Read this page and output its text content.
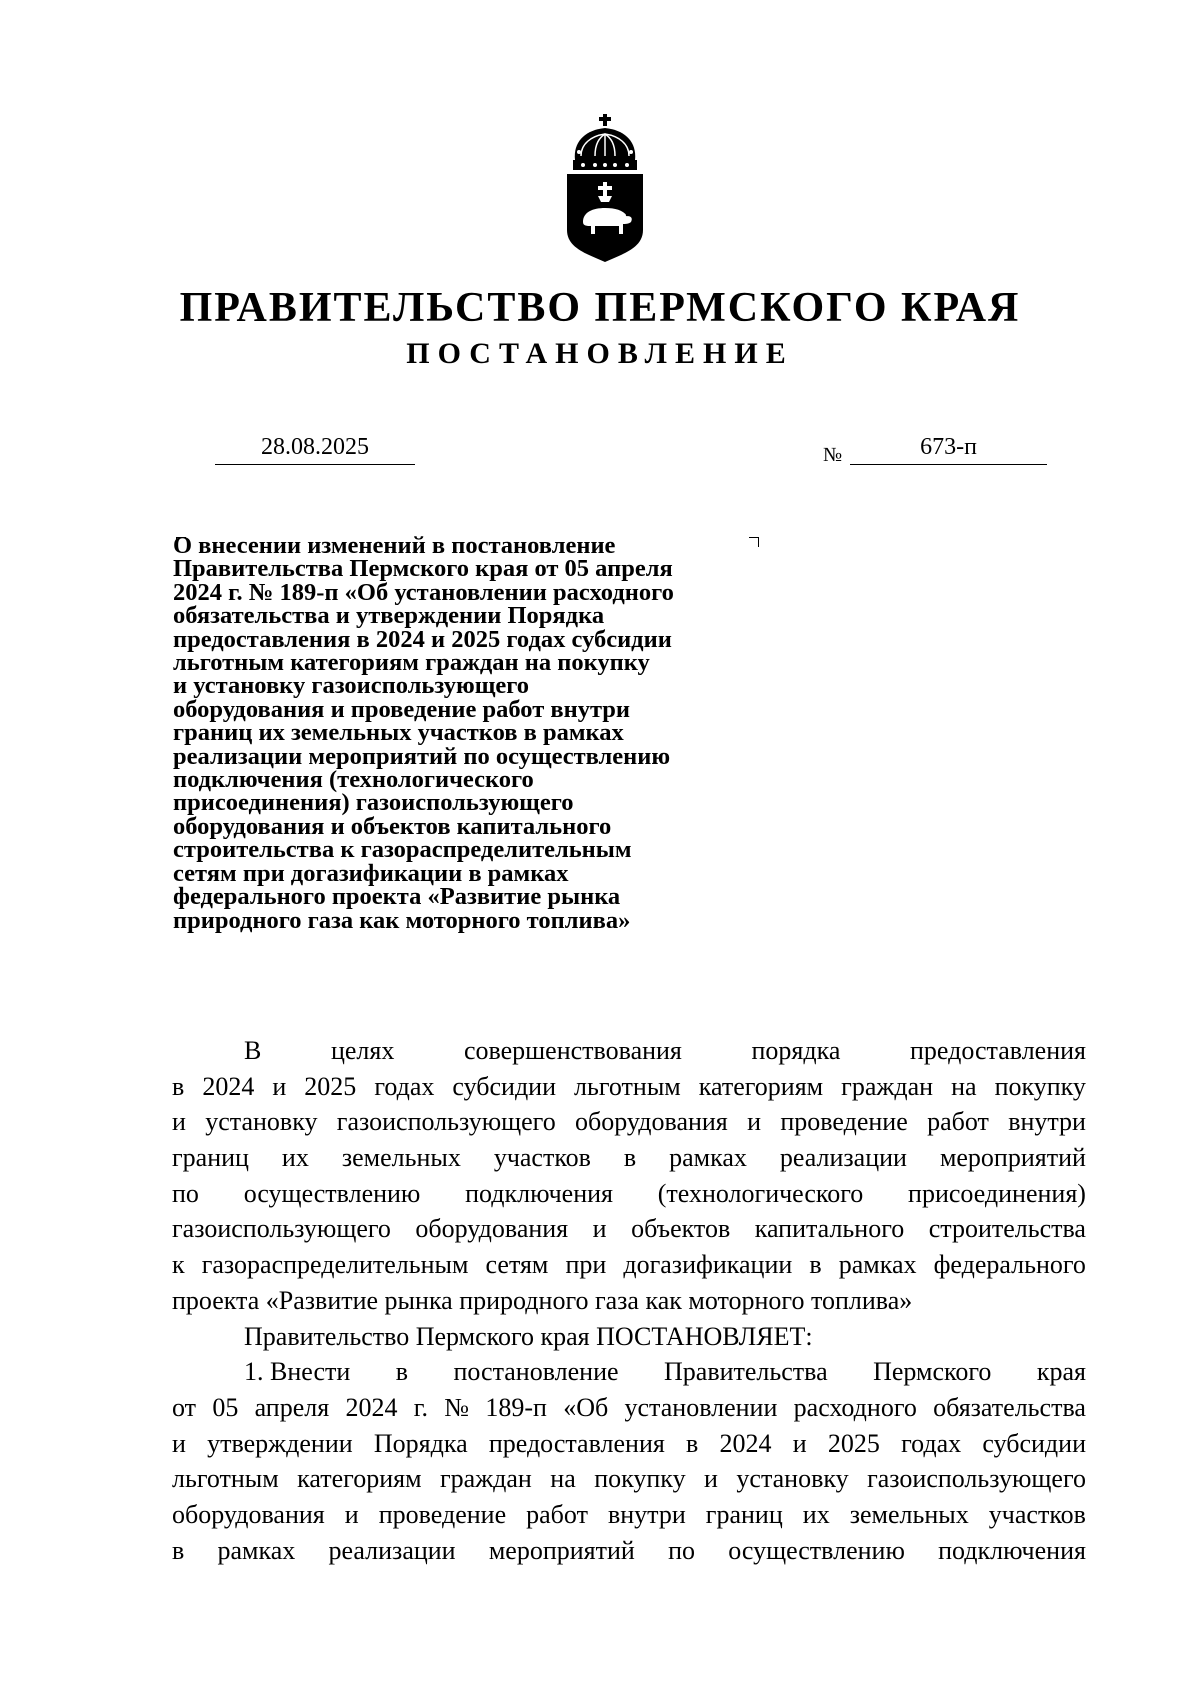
ПРАВИТЕЛЬСТВО ПЕРМСКОГО КРАЯ
ПОСТАНОВЛЕНИЕ
28.08.2025	№	673-п
О внесении изменений в постановление
Правительства Пермского края от 05 апреля
2024 г. № 189-п «Об установлении расходного
обязательства и утверждении Порядка
предоставления в 2024 и 2025 годах субсидии
льготным категориям граждан на покупку
и установку газоиспользующего
оборудования и проведение работ внутри
границ их земельных участков в рамках
реализации мероприятий по осуществлению
подключения (технологического
присоединения) газоиспользующего
оборудования и объектов капитального
строительства к газораспределительным
сетям при догазификации в рамках
федерального проекта «Развитие рынка
природного газа как моторного топлива»
В	целях	совершенствования	порядка	предоставления
в 2024 и 2025 годах субсидии льготным категориям граждан на покупку
и установку газоиспользующего оборудования и проведение работ внутри
границ их земельных участков в рамках реализации мероприятий
по осуществлению подключения (технологического присоединения)
газоиспользующего оборудования и объектов капитального строительства
к газораспределительным сетям при догазификации в рамках федерального
проекта «Развитие рынка природного газа как моторного топлива»
Правительство Пермского края ПОСТАНОВЛЯЕТ:
1. Внести в постановление Правительства Пермского края
от 05 апреля 2024 г. № 189-п «Об установлении расходного обязательства
и утверждении Порядка предоставления в 2024 и 2025 годах субсидии
льготным категориям граждан на покупку и установку газоиспользующего
оборудования и проведение работ внутри границ их земельных участков
в рамках реализации мероприятий по осуществлению подключения
